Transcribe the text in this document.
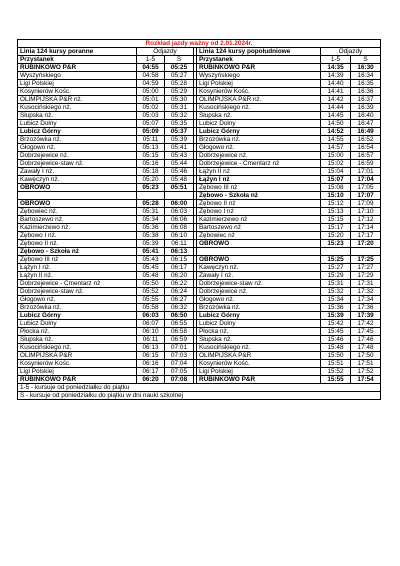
Rozkład jazdy ważny od 2.01.2024r.						
Linia 124 kursy poranne	Odjazdy			Linia 124 kursy popołudniowe	Odjazdy	
Przystanek	1-5	S		Przystanek	1-5	S
RUBINKOWO P&R	04:55	05:25		RUBINKOWO P&R	14:35	16:30
Wyszyńskiego	04:58	05:27		Wyszyńskiego	14:39	16:34
Ligi Polskiej	04:59	05:28		Ligi Polskiej	14:40	16:35
Kosynierów Kośc.	05:00	05:29		Kosynierów Kośc.	14:41	16:36
OLIMPIJSKA P&R nż.	05:01	05:30		OLIMPIJSKA P&R nż.	14:42	16:37
Kusocińskiego nż.	05:02	05:31		Kusocińskiego nż.	14:44	16:39
Słupska nż.	05:03	05:32		Słupska nż.	14:45	16:40
Lubicz Dolny	05:07	05:35		Lubicz Dolny	14:50	16:47
Lubicz Górny	05:09	05:37		Lubicz Górny	14:52	16:49
Brzozówka nż.	05:11	05:39		Brzozówka nż.	14:55	16:52
Głogowo nż.	05:13	05:41		Głogowo nż.	14:57	16:54
Dobrzejewice nż.	05:15	05:43		Dobrzejewice nż.	15:00	16:57
Dobrzejewice-staw nż.	05:16	05:44		Dobrzejewice - Cmentarz nż	15:02	16:59
Zawały I nż.	05:18	05:46		Łążyn II nż	15:04	17:01
Kawęczyn nż.	05:20	05:48		Łążyn I nż	15:07	17:04
OBROWO	05:23	05:51		Zębowo III nż	15:08	17:05
				Zębowo - Szkoła nż	15:10	17:07
OBROWO	05:28	06:00		Zębowo II nż	15:12	17:09
Zębowiec nż.	05:31	06:03		Zębowo I nż	15:13	17:10
Bartoszewo nż.	05:34	06:06		Kazimierzewo nż	15:15	17:12
Kazimierzewo nż.	05:36	06:08		Bartoszewo nż	15:17	17:14
Zębowo I nż.	05:38	06:10		Zębowiec nż	15:20	17:17
Zębowo II nż.	05:39	06:11		OBROWO	15:23	17:20
Zębowo - Szkoła nż	05:41	06:13				
Zębowo III nż	05:43	06:15		OBROWO	15:25	17:25
Łążyn I nż.	05:45	06:17		Kawęczyn nż.	15:27	17:27
Łążyn II nż.	05:48	06:20		Zawały I nż.	15:29	17:29
Dobrzejewice - Cmentarz nż	05:50	06:22		Dobrzejewice-staw nż.	15:31	17:31
Dobrzejewice-staw nż.	05:52	06:24		Dobrzejewice nż.	15:32	17:32
Głogowo nż.	05:55	06:27		Głogowo nż.	15:34	17:34
Brzozówka nż.	05:58	06:32		Brzozówka nż.	15:36	17:36
Lubicz Górny	06:03	06:50		Lubicz Górny	15:39	17:39
Lubicz Dolny	06:07	06:55		Lubicz Dolny	15:42	17:42
Płocka nż.	06:10	06:58		Płocka nż.	15:45	17:45
Słupska nż.	06:11	06:59		Słupska nż.	15:46	17:46
Kusocińskiego nż.	06:13	07:01		Kusocińskiego nż.	15:48	17:48
OLIMPIJSKA P&R	06:15	07:03		OLIMPIJSKA P&R	15:50	17:50
Kosynierów Kośc.	06:16	07:04		Kosynierów Kośc.	15:51	17:51
Ligi Polskiej	06:17	07:05		Ligi Polskiej	15:52	17:52
RUBINKOWO P&R	06:20	07:08		RUBINKOWO P&R	15:55	17:54
1-5 - kursuje od poniedziałku do piątku						
S - kursuje od poniedziałku do piątku w dni nauki szkolnej						
